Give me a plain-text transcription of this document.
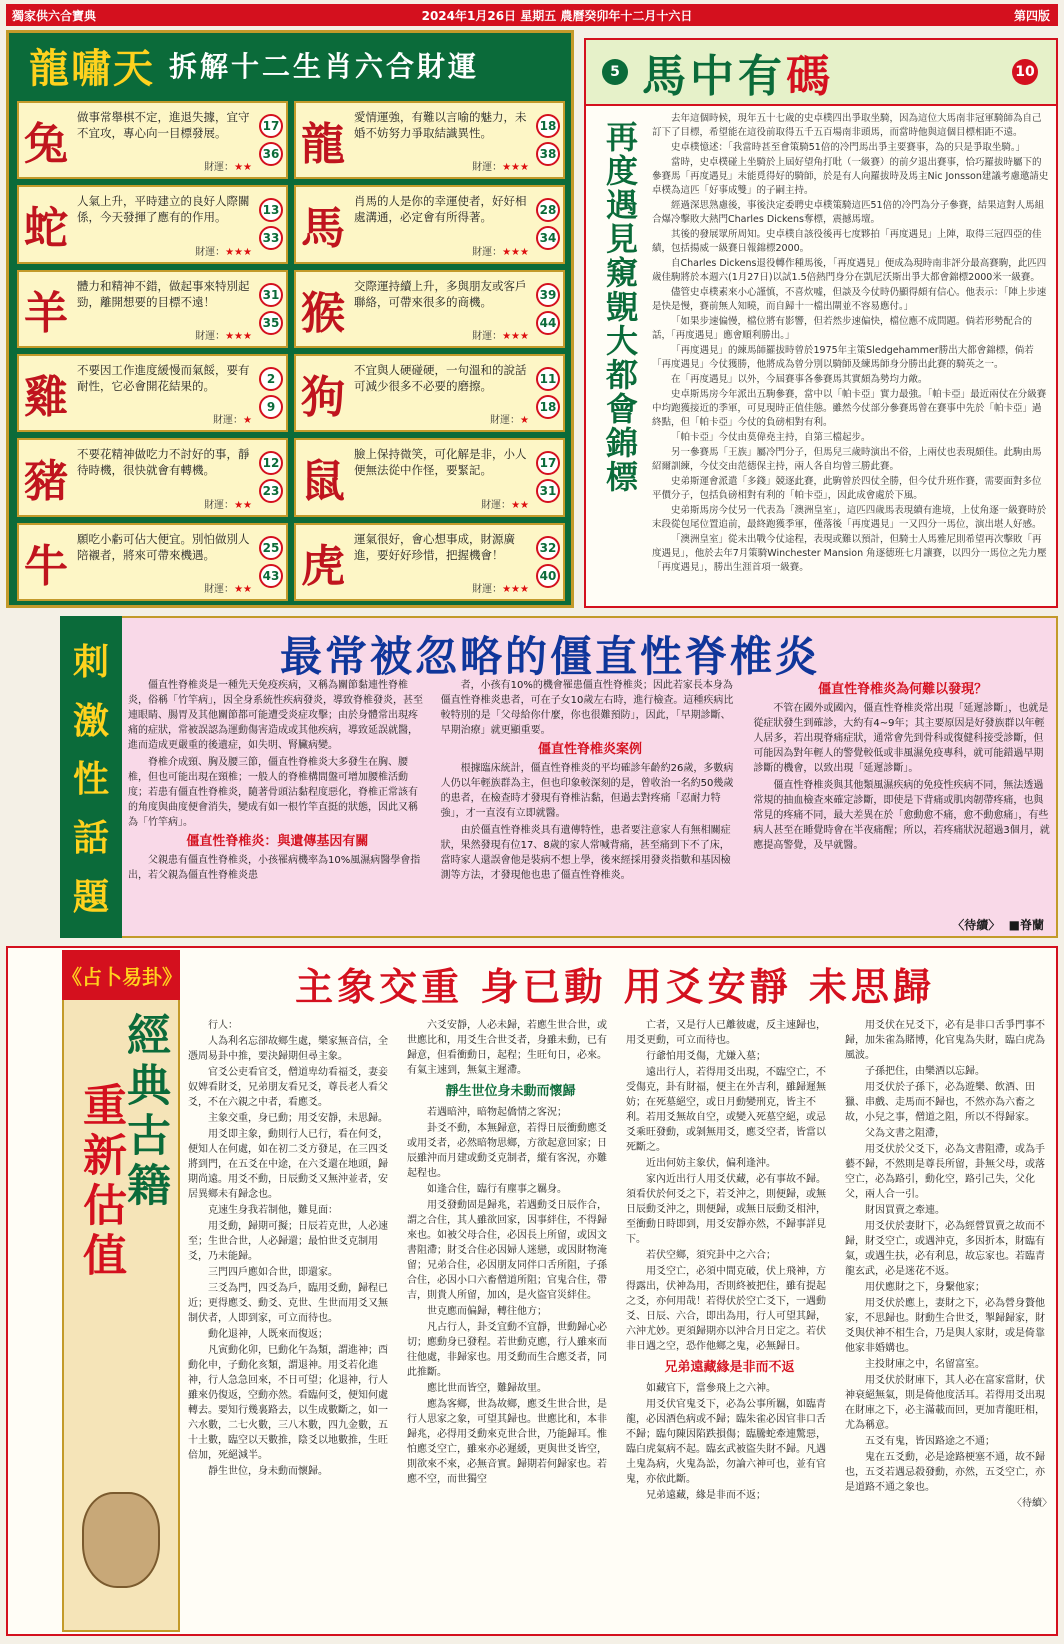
獨家供六合寶典	2024年1月26日 星期五 農曆癸卯年十二月十六日	第四版
龍嘯天 拆解十二生肖六合財運
兔
做事常舉棋不定，進退失據，宜守不宜攻，專心向一目標發展。
財運：★★
17
36 龍
愛情運強，有難以言喻的魅力，未婚不妨努力爭取結識異性。
財運：★★★
18
38
蛇
人氣上升，平時建立的良好人際關係，今天發揮了應有的作用。
財運：★★★
13
33 馬
肖馬的人是你的幸運使者，好好相處溝通，必定會有所得著。
財運：★★★
28
34
羊
體力和精神不錯，做起事來特別起勁，離開想要的目標不遠！
財運：★★★
31
35 猴
交際運持續上升，多與朋友或客戶聯絡，可帶來很多的商機。
財運：★★★
39
44
雞
不要因工作進度緩慢而氣餒，要有耐性，它必會開花結果的。
財運：★
2
9 狗
不宜與人硬碰硬，一句溫和的說話可減少很多不必要的磨擦。
財運：★
11
18
豬
不要花精神做吃力不討好的事，靜待時機，很快就會有轉機。
財運：★★
12
23 鼠
臉上保持微笑，可化解是非，小人便無法從中作怪，要緊記。
財運：★★
17
31
牛
願吃小虧可佔大便宜。別怕做別人陪襯者，將來可帶來機遇。
財運：★★
25
43 虎
運氣很好，會心想事成，財源廣進，要好好珍惜，把握機會！
財運：★★★
32
40
5 馬中有碼	10
再度遇見窺覬大都會錦標

去年這個時候，現年五十七歲的史卓樸四出爭取坐騎，因為這位大馬南非冠軍騎師為自己訂下了目標，希望能在這役前取得五千五百場南非頭馬，而當時他與這個目標相距不遠。

史卓樸憶述：「我當時甚至會策騎51倍的冷門馬出爭主要賽事，為的只是爭取坐騎。」

當時，史卓樸碰上坐騎於上屆好望角打吡（一級賽）的前夕退出賽事，恰巧羅拔時屬下的參賽馬「再度遇見」未能覓得好的騎師，於是有人向羅拔時及馬主Nic Jonsson建議考慮邀請史卓樸為這匹「好事成雙」的子嗣主持。

經過深思熟慮後，事後決定委聘史卓樸策騎這匹51倍的冷門為分子參賽，結果這對人馬組合爆冷擊敗大熱門Charles Dickens奪標，震撼馬壇。

其後的發展眾所周知。史卓樸自該役後再七度夥拍「再度遇見」上陣，取得三冠四亞的佳績，包括揚威一級賽日報錦標2000。

自Charles Dickens退役轉作種馬後，「再度遇見」便成為現時南非評分最高賽駒，此匹四歲佳駒將於本週六(1月27日)以試1.5倍熱門身分在凱尼沃斯出爭大都會錦標2000米一級賽。

儘管史卓樸素來小心謹慎，不喜炊嘘，但談及今仗時仍顯得頗有信心。他表示：「陣上步速是快是慢，賽前無人知曉，而自歸十一檔出閘並不容易應付。」

「如果步速偏慢，檔位將有影響，但若然步速偏快，檔位應不成問題。倘若形勢配合的話，「再度遇見」應會順利勝出。」

「再度遇見」的練馬師羅拔時曾於1975年主策Sledgehammer勝出大都會錦標，倘若「再度遇見」今仗獲勝，他將成為曾分別以騎師及練馬師身分勝出此賽的騎英之一。

在「再度遇見」以外，今屆賽事各參賽馬其實頗為勢均力敵。

史卓斯馬房今年派出五駒參賽，當中以「帕卡亞」實力最強。「帕卡亞」最近兩仗在分級賽中均跑獲接近的季軍，可見現時正值佳態。雖然今仗部分參賽馬曾在賽事中先於「帕卡亞」過終點，但「帕卡亞」今仗的負磅相對有利。

「帕卡亞」今仗由莫偉堯主持，自第三檔起步。

另一參賽馬「王族」屬冷門分子，但馬兒三歲時演出不俗，上兩仗也表現頗佳。此駒由馬紹爾訓練，今仗交由范德保主持，兩人各自均曾三勝此賽。

史弟斯運會派遣「多錢」競逐此賽，此駒曾於四仗全勝，但今仗升班作賽，需要面對多位平價分子，包括負磅相對有利的「帕卡亞」，因此成會處於下風。

史弟斯馬房今仗另一代表為「澳洲皇室」，這匹四歲馬表現續有進境，上仗角逐一級賽時於末段從包尾位置追前，最終跑獲季軍，僅落後「再度遇見」一又四分一馬位，演出堪人好感。

「澳洲皇室」從未出戰今仗途程，表現或難以預計，但騎士人馬雅尼則希望再次擊敗「再度遇見」，他於去年7月策騎Winchester Mansion 角逐德班七月讓賽，以四分一馬位之先力壓「再度遇見」，勝出生涯首項一級賽。

刺
激
性
話
題
最常被忽略的僵直性脊椎炎

僵直性脊椎炎是一種先天免疫疾病，又稱為關節黏連性脊椎炎，俗稱「竹竿病」，因全身系統性疾病發炎，導致脊椎發炎，甚至連眼睛、腸胃及其他關節都可能遭受炎症攻擊；由於身體常出現疼痛的症狀，常被誤認為運動傷害造成或其他疾病，導致延誤就醫，進而造成更嚴重的後遺症，如失明、腎臟病變。

脊椎介成頸、胸及腰三節，僵直性脊椎炎大多發生在胸、腰椎，但也可能出現在頸椎；一般人的脊椎構間盤可增加腰椎活動度；若患有僵直性脊椎炎，隨著骨頭沾黏程度惡化，脊椎正常該有的角度與曲度便會消失，變成有如一根竹竿直挺的狀態，因此又稱為「竹竿病」。

僵直性脊椎炎：與遺傳基因有關

父親患有僵直性脊椎炎，小孩罹病機率為10%風濕病醫學會指出，若父親為僵直性脊椎炎患

者，小孩有10%的機會罹患僵直性脊椎炎；因此若家長本身為僵直性脊椎炎患者，可在子女10歲左右時，進行檢查。這種疾病比較特別的是「父母給你什麼，你也很難預防」，因此，「早期診斷、早期治療」就更顯重要。

僵直性脊椎炎案例

根據臨床統計，僵直性脊椎炎的平均確診年齡約26歲，多數病人仍以年輕族群為主，但也印象較深刻的是，曾收治一名約50幾歲的患者，在檢查時才發現有脊椎沾黏，但過去對疼痛「忍耐力特強」，才一直沒有立即就醫。

由於僵直性脊椎炎具有遺傳特性，患者要注意家人有無相關症狀，果然發現有位17、8歲的家人常喊背痛，甚至痛到下不了床，當時家人還誤會他是裝病不想上學，後來經採用發炎指數和基因檢測等方法，才發現他也患了僵直性脊椎炎。

僵直性脊椎炎為何難以發現？

不管在國外或國內，僵直性脊椎炎常出現「延遲診斷」，也就是從症狀發生到確診，大約有4~9年；其主要原因是好發族群以年輕人居多，若出現脊痛症狀，通常會先到骨科或復健科接受診斷，但可能因為對年輕人的警覺較低或非風濕免疫專科，就可能錯過早期診斷的機會，以致出現「延遲診斷」。

僵直性脊椎炎與其他類風濕疾病的免疫性疾病不同，無法透過常規的抽血檢查來確定診斷，即使是下背痛或肌肉韌帶疼痛，也與常見的疼痛不同，最大差異在於「愈動愈不痛，愈不動愈痛」，有些病人甚至在睡覺時會在半夜痛醒；所以，若疼痛狀況超過3個月，就應提高警覺，及早就醫。

〈待續〉 ■脊蘭
經典古籍
重新估值
《占卜易卦》	主象交重 身已動 用爻安靜 未思歸

行人：

人為利名忘卻故鄉生處，樂家無音信，全憑周易卦中推，要決歸期但尋主象。

官爻公吏看官爻，僧道卑幼看福爻，妻妾奴婢看財爻，兄弟朋友看兄爻，尊長老人看父爻，不在六親之中者，看應爻。

主象交重，身已動；用爻安靜，未思歸。

用爻即主象，動則行人已行，看在何爻，便知人在何處，如在初二爻方發足，在三四爻將到門，在五爻在中途，在六爻還在地頭，歸期尚遠。用爻不動，日辰動爻又無沖並者，安居異鄉未有歸念也。

克速生身我若制他，難見面：

用爻動，歸期可擬；日辰若克世，人必速至；生世合世，人必歸還；最怕世爻克制用爻，乃未能歸。

三門四戶應如合世，即還家。

三爻為門，四爻為戶，臨用爻動，歸程已近；更得應爻、動爻、克世、生世而用爻又無制伏者，人即到家，可立而待也。

動化退神，人既來而復返；

凡寅動化卯，巳動化午為類，謂進神；酉動化申，子動化亥類，謂退神。用爻若化進神，行人急急回來，不日可望；化退神，行人雖來仍復返，空動亦然。看臨何爻，便知何處轉去。要知行幾裏路去，以生成數斷之，如一六水數，二七火數，三八木數，四九金數，五十土數，臨空以天數推，陰爻以地數推，生旺倍加，死絕減半。

靜生世位，身未動而懷歸。

六爻安靜，人必未歸，若應生世合世，或世應比和，用爻生合世爻者，身雖未動，已有歸意，但看衝動日，起程；生旺旬日，必來。有氣主速到，無氣主遲滯。

靜生世位身未動而懷歸

若遇暗沖，暗物起僑情之客況；

卦爻不動，本無歸意，若得日辰衝動應爻或用爻者，必然暗物思鄉，方欲起意回家；日辰雖沖而月建或動爻克制者，縱有客況，亦難起程也。

如逢合住，臨行有塵事之羈身。

用爻發動固是歸兆，若遇動爻日辰作合，謂之合住，其人雖欲回家，因事絆住，不得歸來也。如被父母合住，必因長上所留，或因文書阻滯；財爻合住必因婦人迷戀，或因財物淹留；兄弟合住，必因朋友同伴口舌所阻，子孫合住，必因小口六畜僧道所阻；官鬼合住，帶吉，則貴人所留，加凶，是火盜官災絆住。

世克應而偏歸，轉往他方；

凡占行人，卦爻宜動不宜靜，世動歸心必切；應動身已發程。若世動克應，行人雖來而往他處，非歸家也。用爻動而生合應爻者，同此推斷。

應比世而皆空，難歸故里。

應為客鄉，世為故鄉，應爻生世合世，是行人思家之象，可望其歸也。世應比和，本非歸兆，必得用爻動來克世合世，乃能歸耳。惟怕應爻空亡，雖來亦必遲緩，更與世爻皆空，則欲來不來，必無音實。歸期若何歸家也。若應不空，而世獨空

亡者，又是行人已離彼處，反主速歸也，用爻更動，可立而待也。

行爺怕用爻傷，尤嫌入墓；

遠出行人，若得用爻出現，不臨空亡，不受傷克，卦有財福，便主在外吉利，雖歸遲無妨；在死墓絕空，或日月動變刑克，皆主不利。若用爻無故自空，或變入死墓空絕，或忌爻乘旺發動，或剝無用爻，應爻空者，皆當以死斷之。

近出何妨主象伏，偏利逢沖。

家內近出行人用爻伏藏，必有事故不歸。須看伏於何爻之下，若爻沖之，則便歸，或無日辰動爻沖之，則便歸，或無日辰動爻相沖，至衝動日時即到，用爻安靜亦然，不歸事詳見下。

若伏空鄉，須究卦中之六合；

用爻空亡，必須中間克破，伏上飛神，方得露出，伏神為用，否則終被把住，雖有提起之爻，亦何用哉！若得伏於空亡爻下，一遇動爻、日辰、六合，即出為用，行人可望其歸，六沖尤妙。更須歸期亦以沖合月日定之。若伏非日遇之空，恐作他鄉之鬼，必無歸日。

兄弟遠藏緣是非而不返

如藏官下，當參飛上之六神。

用爻伏官鬼爻下，必為公事所羈，如臨青龍，必因酒色病或不歸；臨朱雀必因官非口舌不歸；臨句陳因陷跌損傷；臨騰蛇牽連驚惡，臨白虎氣病不起。臨玄武被盜失財不歸。凡遇土鬼為病，火鬼為訟，勿論六神可也，並有官鬼，亦依此斷。

兄弟遠藏，緣是非而不返；

用爻伏在兄爻下，必有是非口舌爭門事不歸，加朱雀為賭博，化官鬼為失財，臨白虎為風波。

子孫把住，由樂酒以忘歸。

用爻伏於子孫下，必為遊樂、飲酒、田獵、串戲、走馬而不歸也，不然亦為六畜之故，小兒之事，僧道之阻，所以不得歸家。

父為文書之阻滯，

用爻伏於父爻下，必為文書阻滯，或為手藝不歸，不然則是尊長所留，卦無父母，或落空亡，必為路引，動化空，路引己失，父化父，兩人合一引。

財因買賣之牽連。

用爻伏於妻財下，必為經營買賣之故而不歸，財爻空亡，或遇沖克，多因折本，財臨有氣，或遇生扶，必有利息，故忘家也。若臨青龍玄武，必是迷花不返。

用伏應財之下，身繫他家；

用爻伏於應上，妻財之下，必為營身贅他家，不思歸也。財動生合世爻，掣歸歸家，財爻與伏神不相生合，乃是與人家財，或是倚靠他家非婚媾也。

主投財庫之中，名留富室。

用爻伏於財庫下，其人必在富家當財，伏神衰絕無氣，則是倚他度活耳。若得用爻出現在財庫之下，必主滿載而回，更加青龍旺相，尤為稱意。

五爻有鬼，皆因路途之不通；

鬼在五爻動，必是途路梗塞不通，故不歸也，五爻若遇忌殺發動，亦然，五爻空亡，亦是道路不通之象也。

〈待續〉
